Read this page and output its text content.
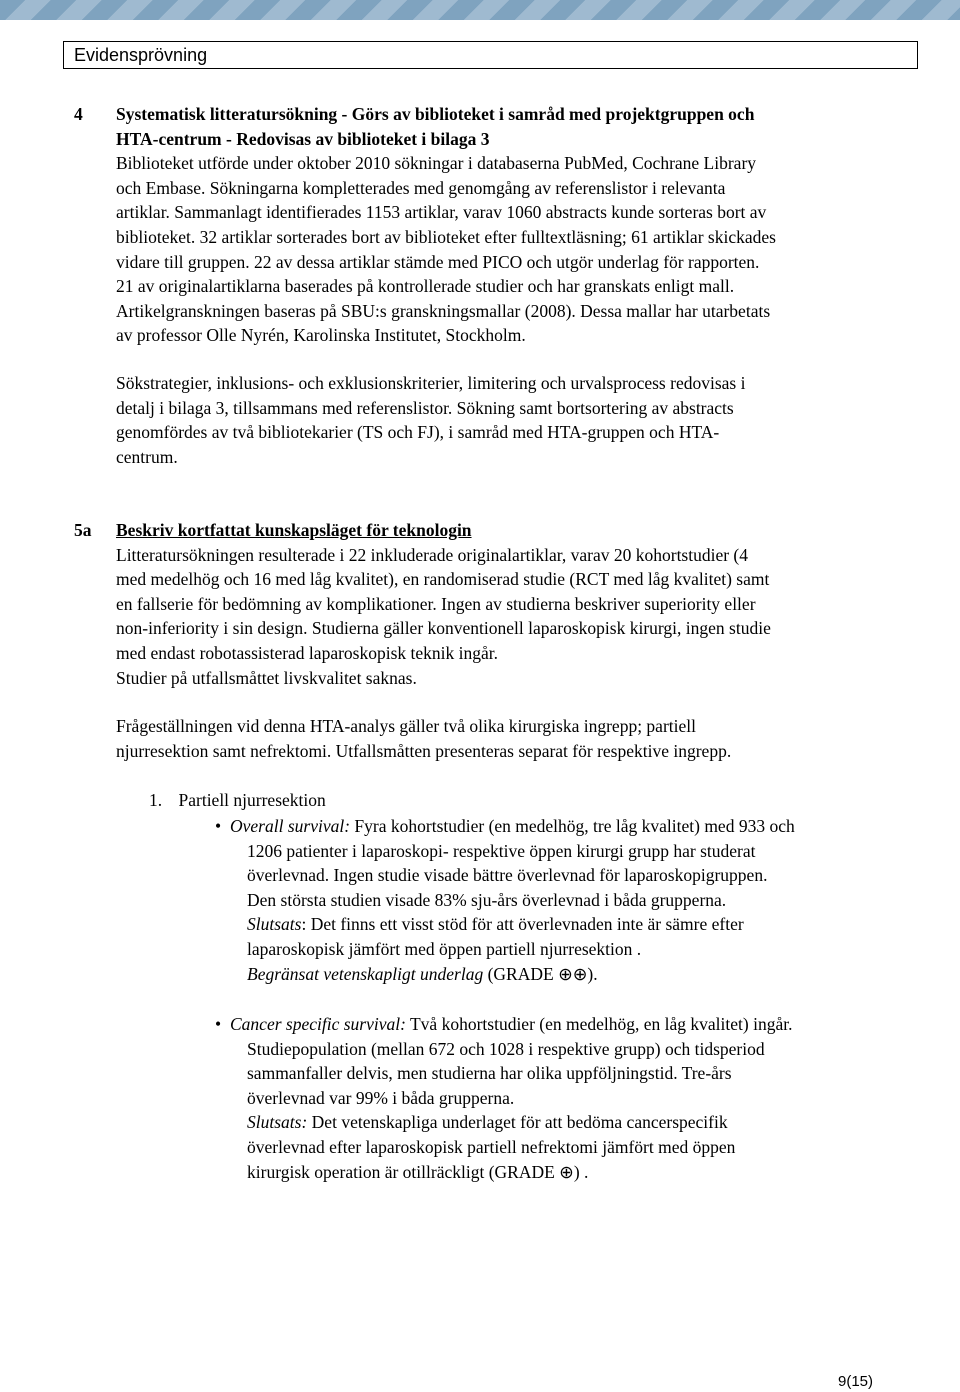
Evidensprövning
4 Systematisk litteratursökning - Görs av biblioteket i samråd med projektgruppen och

HTA-centrum - Redovisas av biblioteket i bilaga 3

Biblioteket utförde under oktober 2010 sökningar i databaserna PubMed, Cochrane Library
och Embase. Sökningarna kompletterades med genomgång av referenslistor i relevanta
artiklar. Sammanlagt identifierades 1153 artiklar, varav 1060 abstracts kunde sorteras bort av
biblioteket. 32 artiklar sorterades bort av biblioteket efter fulltextläsning; 61 artiklar skickades
vidare till gruppen. 22 av dessa artiklar stämde med PICO och utgör underlag för rapporten.
21 av originalartiklarna baserades på kontrollerade studier och har granskats enligt mall.
Artikelgranskningen baseras på SBU:s granskningsmallar (2008). Dessa mallar har utarbetats
av professor Olle Nyrén, Karolinska Institutet, Stockholm.

Sökstrategier, inklusions- och exklusionskriterier, limitering och urvalsprocess redovisas i
detalj i bilaga 3, tillsammans med referenslistor. Sökning samt bortsortering av abstracts
genomfördes av två bibliotekarier (TS och FJ), i samråd med HTA-gruppen och HTA-
centrum.

5a Beskriv kortfattat kunskapsläget för teknologin

Litteratursökningen resulterade i 22 inkluderade originalartiklar, varav 20 kohortstudier (4
med medelhög och 16 med låg kvalitet), en randomiserad studie (RCT med låg kvalitet) samt
en fallserie för bedömning av komplikationer. Ingen av studierna beskriver superiority eller
non-inferiority i sin design. Studierna gäller konventionell laparoskopisk kirurgi, ingen studie
med endast robotassisterad laparoskopisk teknik ingår.
Studier på utfallsmåttet livskvalitet saknas.

Frågeställningen vid denna HTA-analys gäller två olika kirurgiska ingrepp; partiell
njurresektion samt nefrektomi. Utfallsmåtten presenteras separat för respektive ingrepp.

1. Partiell njurresektion
• Overall survival: Fyra kohortstudier (en medelhög, tre låg kvalitet) med 933 och

1206 patienter i laparoskopi- respektive öppen kirurgi grupp har studerat
överlevnad. Ingen studie visade bättre överlevnad för laparoskopigruppen.
Den största studien visade 83% sju-års överlevnad i båda grupperna.
Slutsats: Det finns ett visst stöd för att överlevnaden inte är sämre efter
laparoskopisk jämfört med öppen partiell njurresektion .
Begränsat vetenskapligt underlag (GRADE ⊕⊕).
• Cancer specific survival: Två kohortstudier (en medelhög, en låg kvalitet) ingår.

Studiepopulation (mellan 672 och 1028 i respektive grupp) och tidsperiod
sammanfaller delvis, men studierna har olika uppföljningstid. Tre-års
överlevnad var 99% i båda grupperna.
Slutsats: Det vetenskapliga underlaget för att bedöma cancerspecifik
överlevnad efter laparoskopisk partiell nefrektomi jämfört med öppen
kirurgisk operation är otillräckligt (GRADE ⊕) .
9(15)
